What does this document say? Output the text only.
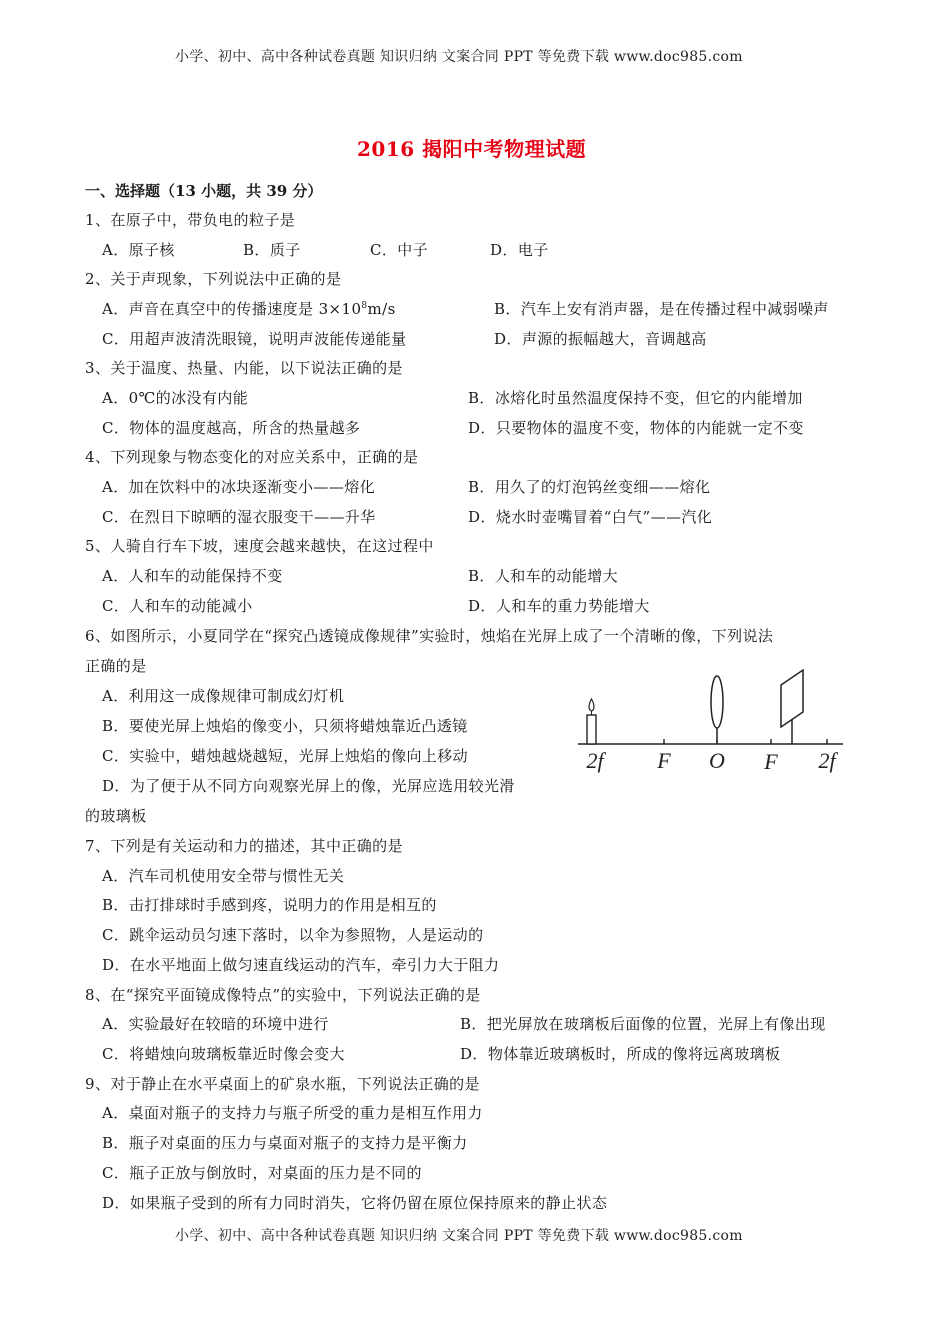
小学、初中、高中各种试卷真题 知识归纳 文案合同 PPT 等免费下载 www.doc985.com
2016 揭阳中考物理试题
一、选择题（13 小题，共 39 分）
1、在原子中，带负电的粒子是
A．原子核	B．质子	C．中子	D．电子
2、关于声现象，下列说法中正确的是
A．声音在真空中的传播速度是 $3\times 10^8m/s$	B．汽车上安有消声器，是在传播过程中减弱噪声
C．用超声波清洗眼镜，说明声波能传递能量	D．声源的振幅越大，音调越高
3、关于温度、热量、内能，以下说法正确的是
A．0℃的冰没有内能	B．冰熔化时虽然温度保持不变，但它的内能增加
C．物体的温度越高，所含的热量越多	D．只要物体的温度不变，物体的内能就一定不变
4、下列现象与物态变化的对应关系中，正确的是
A．加在饮料中的冰块逐渐变小——熔化	B．用久了的灯泡钨丝变细——熔化
C．在烈日下晾晒的湿衣服变干——升华	D．烧水时壶嘴冒着“白气”——汽化
5、人骑自行车下坡，速度会越来越快，在这过程中
A．人和车的动能保持不变	B．人和车的动能增大
C．人和车的动能减小	D．人和车的重力势能增大
6、如图所示，小夏同学在“探究凸透镜成像规律”实验时，烛焰在光屏上成了一个清晰的像，下列说法
正确的是
A．利用这一成像规律可制成幻灯机
B．要使光屏上烛焰的像变小，只须将蜡烛靠近凸透镜
C．实验中，蜡烛越烧越短，光屏上烛焰的像向上移动
D．为了便于从不同方向观察光屏上的像，光屏应选用较光滑
的玻璃板
2f F O F 2f
7、下列是有关运动和力的描述，其中正确的是
A．汽车司机使用安全带与惯性无关
B．击打排球时手感到疼，说明力的作用是相互的
C．跳伞运动员匀速下落时，以伞为参照物，人是运动的
D．在水平地面上做匀速直线运动的汽车，牵引力大于阻力
8、在“探究平面镜成像特点”的实验中，下列说法正确的是
A．实验最好在较暗的环境中进行	B．把光屏放在玻璃板后面像的位置，光屏上有像出现
C．将蜡烛向玻璃板靠近时像会变大	D．物体靠近玻璃板时，所成的像将远离玻璃板
9、对于静止在水平桌面上的矿泉水瓶，下列说法正确的是
A．桌面对瓶子的支持力与瓶子所受的重力是相互作用力
B．瓶子对桌面的压力与桌面对瓶子的支持力是平衡力
C．瓶子正放与倒放时，对桌面的压力是不同的
D．如果瓶子受到的所有力同时消失，它将仍留在原位保持原来的静止状态
小学、初中、高中各种试卷真题 知识归纳 文案合同 PPT 等免费下载 www.doc985.com
